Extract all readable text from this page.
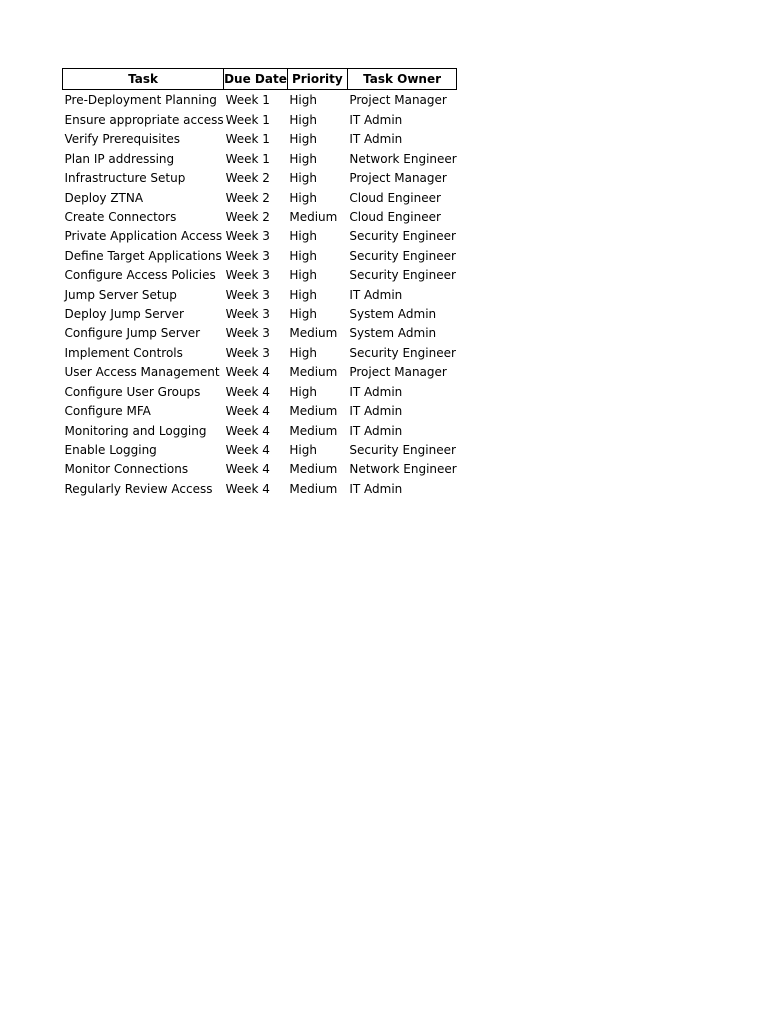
Task	Due Date	Priority	Task Owner
Pre-Deployment Planning	Week 1	High	Project Manager
Ensure appropriate access	Week 1	High	IT Admin
Verify Prerequisites	Week 1	High	IT Admin
Plan IP addressing	Week 1	High	Network Engineer
Infrastructure Setup	Week 2	High	Project Manager
Deploy ZTNA	Week 2	High	Cloud Engineer
Create Connectors	Week 2	Medium	Cloud Engineer
Private Application Access	Week 3	High	Security Engineer
Define Target Applications	Week 3	High	Security Engineer
Configure Access Policies	Week 3	High	Security Engineer
Jump Server Setup	Week 3	High	IT Admin
Deploy Jump Server	Week 3	High	System Admin
Configure Jump Server	Week 3	Medium	System Admin
Implement Controls	Week 3	High	Security Engineer
User Access Management	Week 4	Medium	Project Manager
Configure User Groups	Week 4	High	IT Admin
Configure MFA	Week 4	Medium	IT Admin
Monitoring and Logging	Week 4	Medium	IT Admin
Enable Logging	Week 4	High	Security Engineer
Monitor Connections	Week 4	Medium	Network Engineer
Regularly Review Access	Week 4	Medium	IT Admin
